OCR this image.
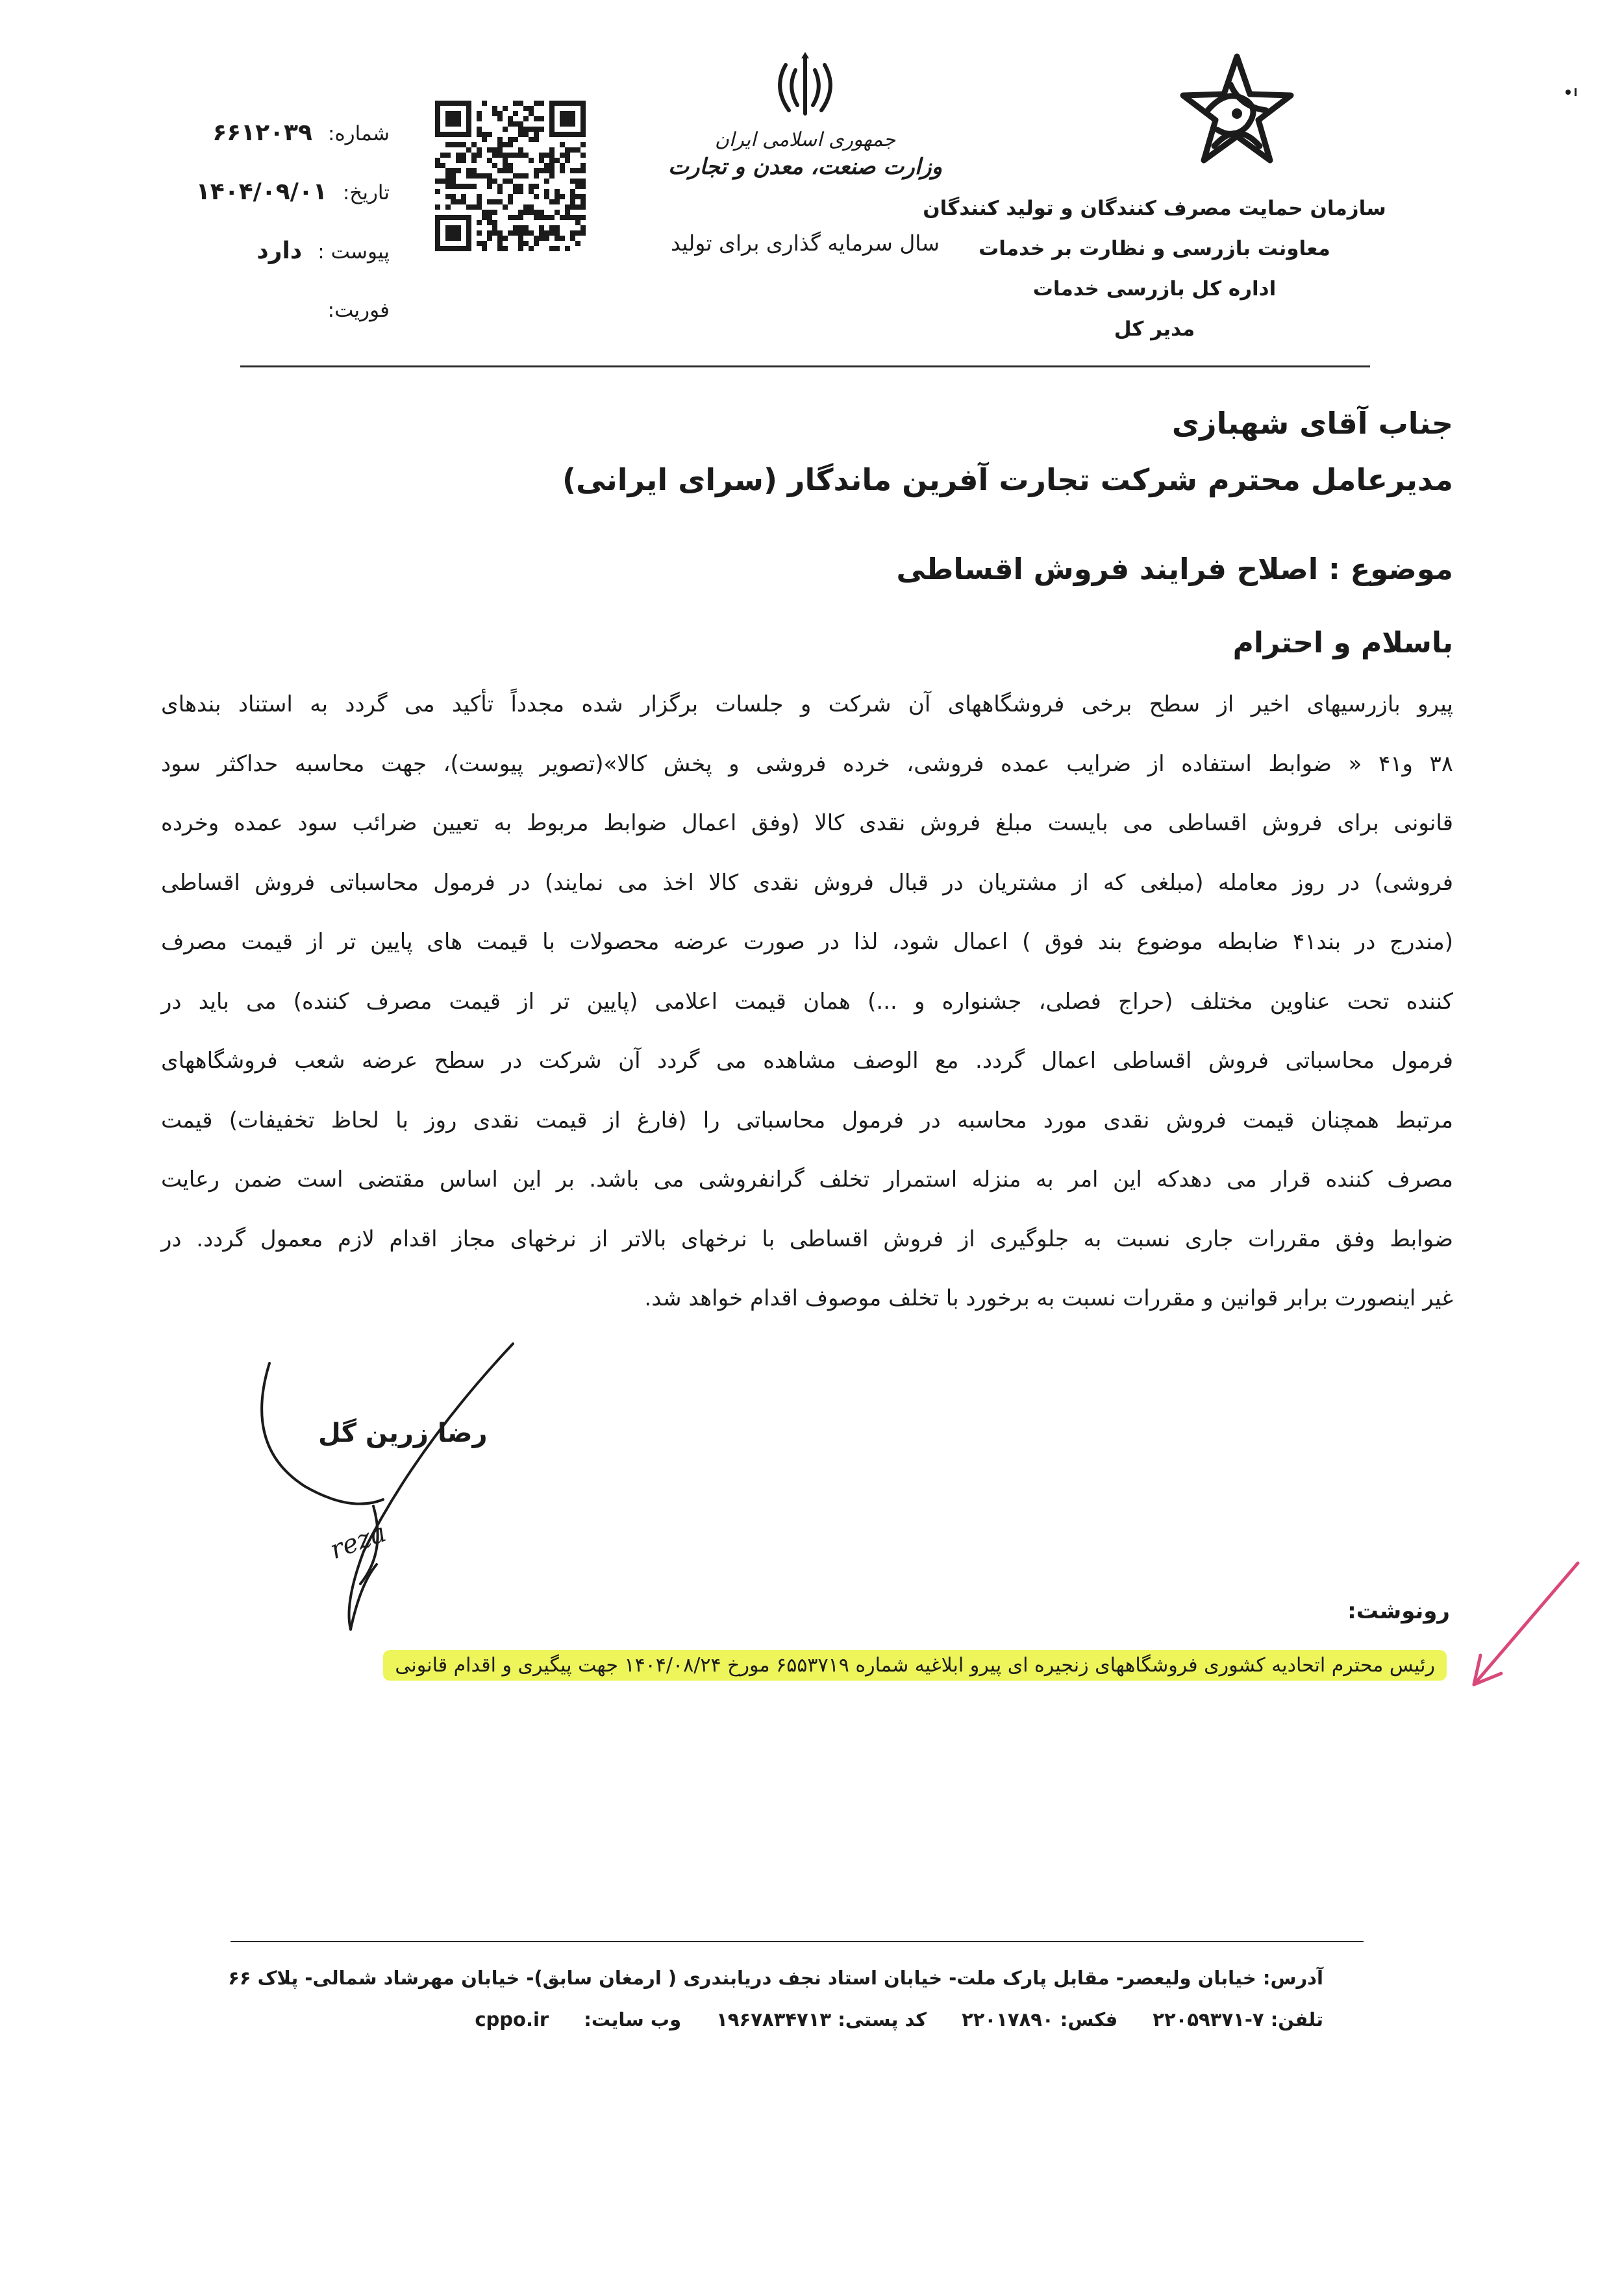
سازمان حمایت مصرف کنندگان و تولید کنندگان
معاونت بازرسی و نظارت بر خدمات
اداره کل بازرسی خدمات
مدیر کل
جمهوری اسلامی ایران
وزارت صنعت، معدن و تجارت
سال سرمایه گذاری برای تولید
شماره:
۶۶۱۲۰۳۹
تاریخ:
۱۴۰۴/۰۹/۰۱
پیوست :
دارد
فوریت:
جناب آقای شهبازی
مدیرعامل محترم شرکت تجارت آفرین ماندگار (سرای ایرانی)
موضوع : اصلاح فرایند فروش اقساطی
باسلام و احترام
پیرو بازرسیهای اخیر از سطح برخی فروشگاههای آن شرکت و جلسات برگزار شده مجدداً تأکید می گردد به استناد بندهای
۳۸ و۴۱ « ضوابط استفاده از ضرایب عمده فروشی، خرده فروشی و پخش کالا»(تصویر پیوست)، جهت محاسبه حداکثر سود
قانونی برای فروش اقساطی می بایست مبلغ فروش نقدی کالا (وفق اعمال ضوابط مربوط به تعیین ضرائب سود عمده وخرده
فروشی) در روز معامله (مبلغی که از مشتریان در قبال فروش نقدی کالا اخذ می نمایند) در فرمول محاسباتی فروش اقساطی
(مندرج در بند۴۱ ضابطه موضوع بند فوق ) اعمال شود، لذا در صورت عرضه محصولات با قیمت های پایین تر از قیمت مصرف
کننده تحت عناوین مختلف (حراج فصلی، جشنواره و ...) همان قیمت اعلامی (پایین تر از قیمت مصرف کننده) می باید در
فرمول محاسباتی فروش اقساطی اعمال گردد. مع الوصف مشاهده می گردد آن شرکت در سطح عرضه شعب فروشگاههای
مرتبط همچنان قیمت فروش نقدی مورد محاسبه در فرمول محاسباتی را (فارغ از قیمت نقدی روز با لحاظ تخفیفات) قیمت
مصرف کننده قرار می دهدکه این امر به منزله استمرار تخلف گرانفروشی می باشد. بر این اساس مقتضی است ضمن رعایت
ضوابط وفق مقررات جاری نسبت به جلوگیری از فروش اقساطی با نرخهای بالاتر از نرخهای مجاز اقدام لازم معمول گردد. در
غیر اینصورت برابر قوانین و مقررات نسبت به برخورد با تخلف موصوف اقدام خواهد شد.
reza
رضا زرین گل
رونوشت:
رئیس محترم اتحادیه کشوری فروشگاههای زنجیره ای پیرو ابلاغیه شماره ۶۵۵۳۷۱۹ مورخ ۱۴۰۴/۰۸/۲۴ جهت پیگیری و اقدام قانونی
آدرس: خیابان ولیعصر- مقابل پارک ملت- خیابان استاد نجف دریابندری ( ارمغان سابق)- خیابان مهرشاد شمالی- پلاک ۶۶
تلفن: ۷-۲۲۰۵۹۳۷۱
فکس: ۲۲۰۱۷۸۹۰
کد پستی: ۱۹۶۷۸۳۴۷۱۳
وب سایت:
cppo.ir
